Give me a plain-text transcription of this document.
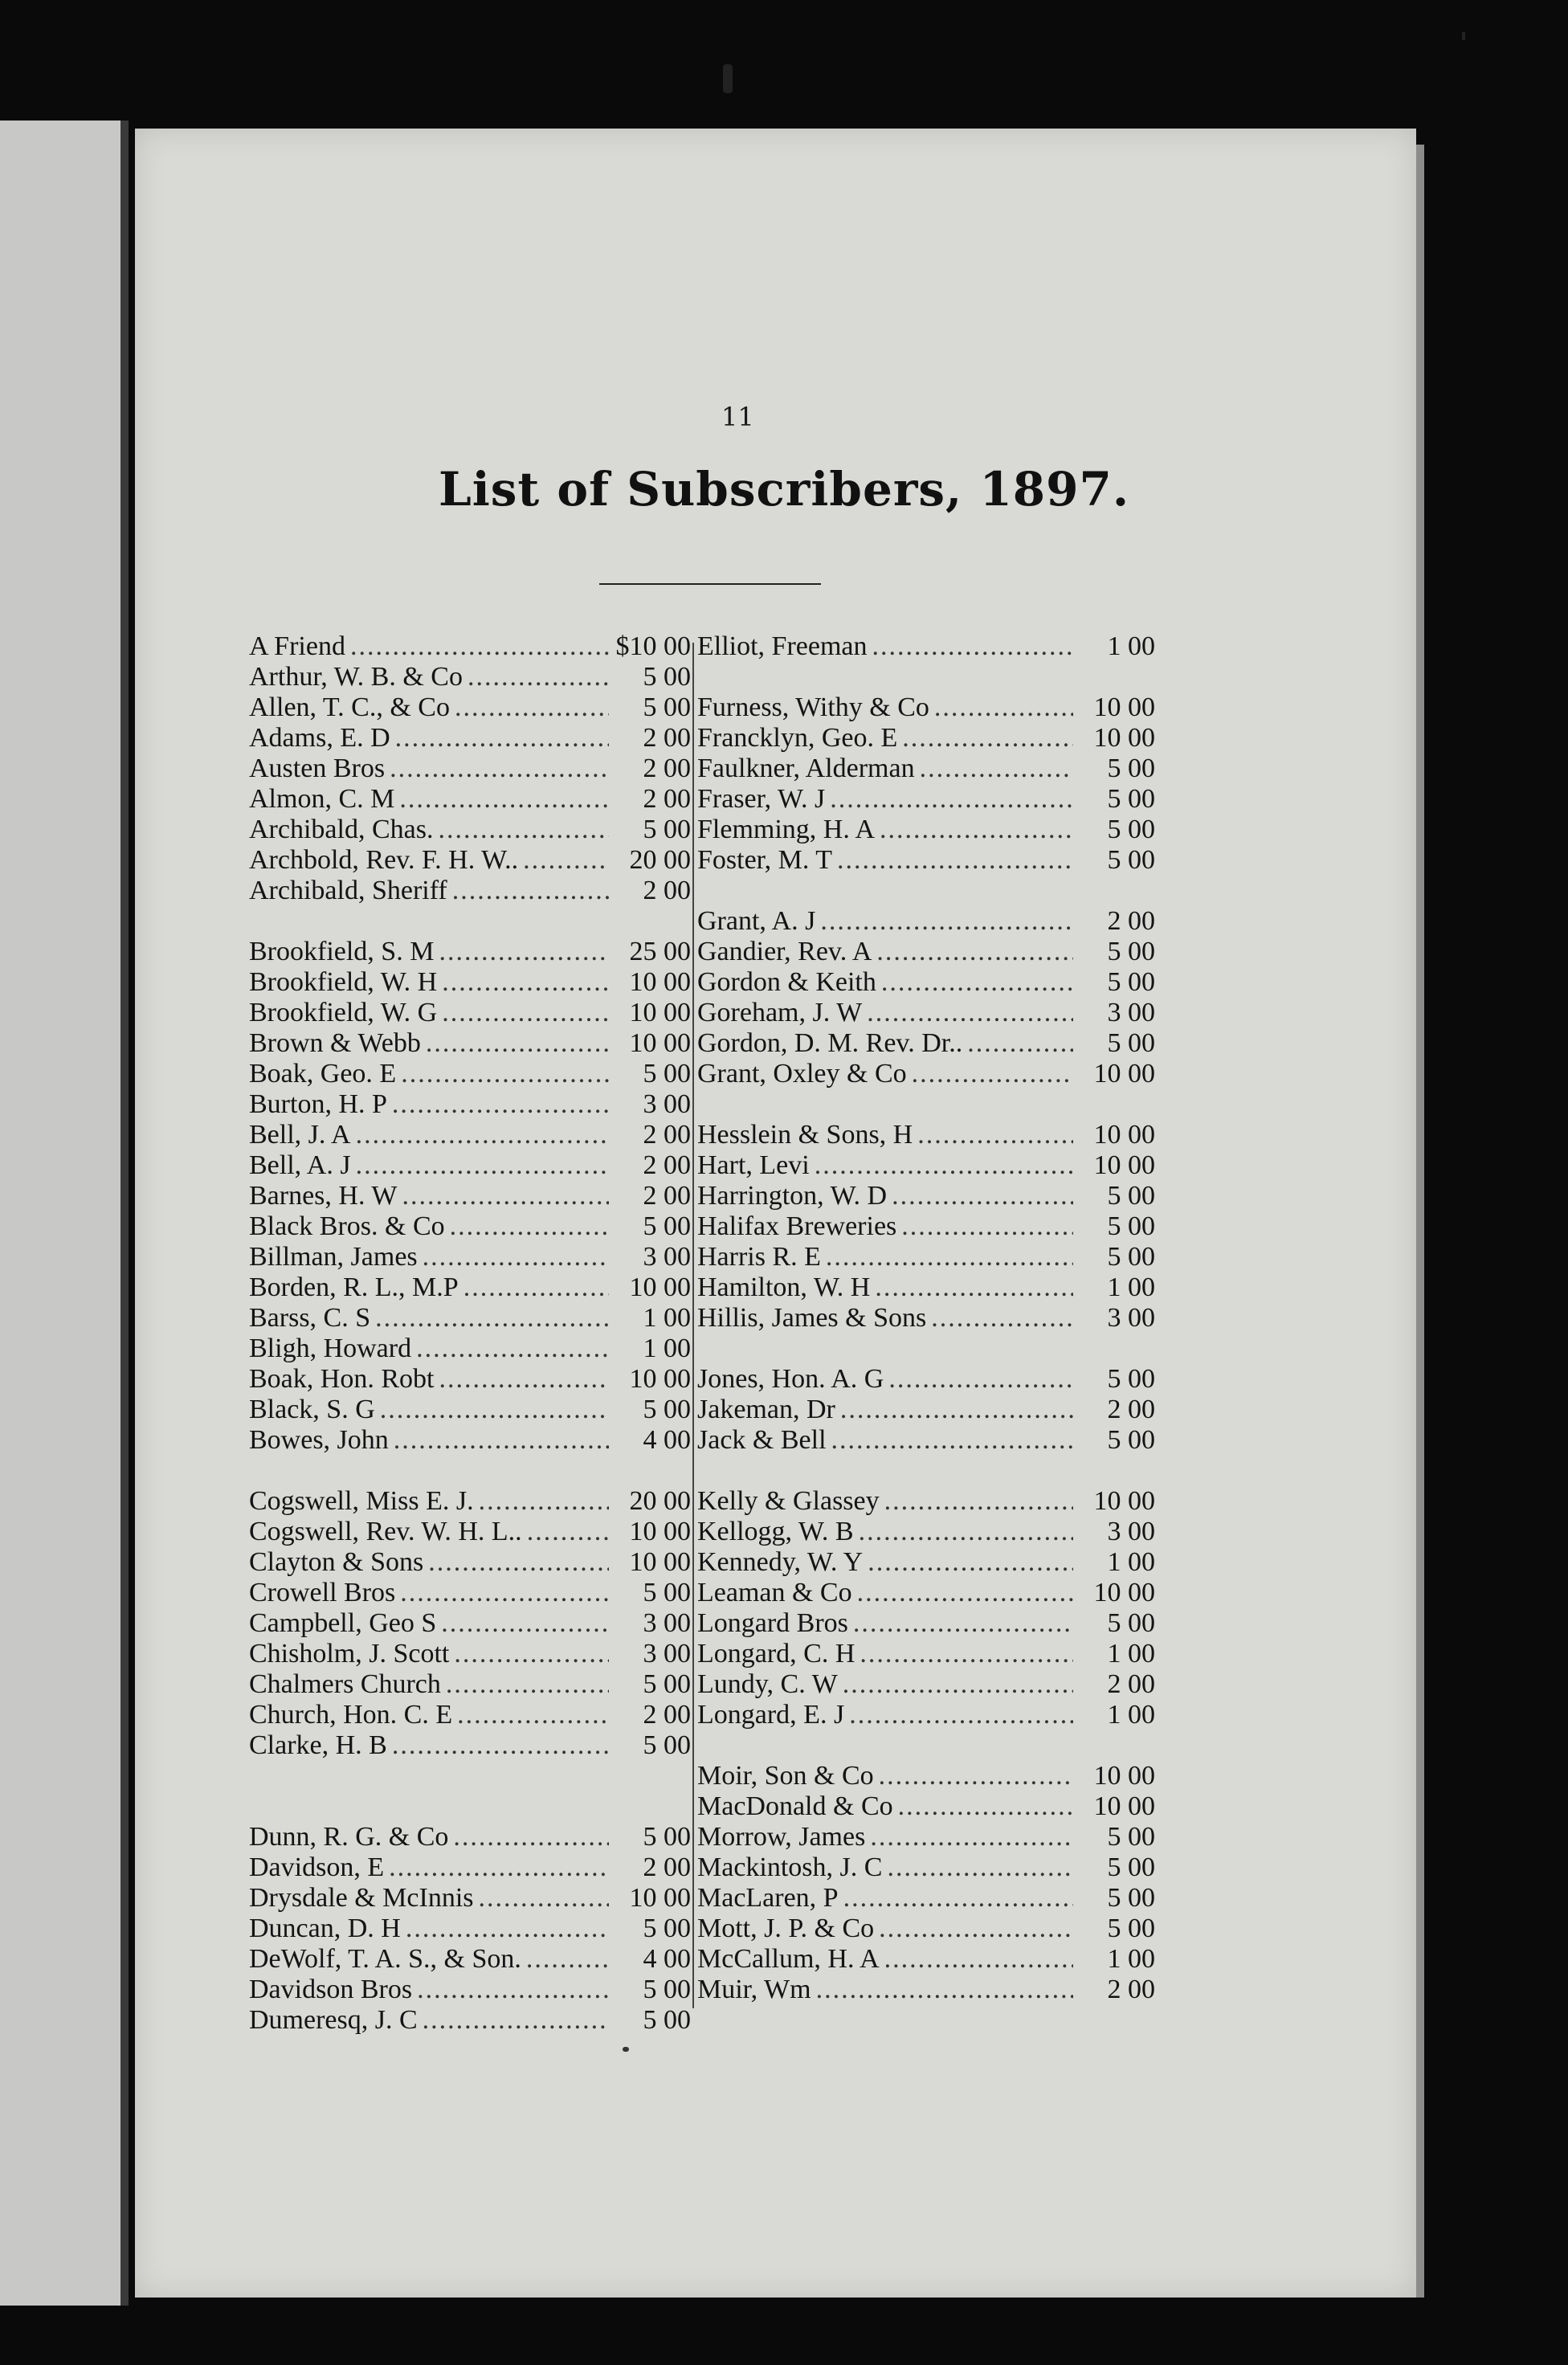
11
List of Subscribers, 1897.
A Friend .....	$10 00
Arthur, W. B. & Co .....	5 00
Allen, T. C., & Co .....	5 00
Adams, E. D .....	2 00
Austen Bros .....	2 00
Almon, C. M .....	2 00
Archibald, Chas. .....	5 00
Archbold, Rev. F. H. W.. .....	20 00
Archibald, Sheriff .....	2 00
Brookfield, S. M .....	25 00
Brookfield, W. H .....	10 00
Brookfield, W. G .....	10 00
Brown & Webb .....	10 00
Boak, Geo. E .....	5 00
Burton, H. P .....	3 00
Bell, J. A .....	2 00
Bell, A. J .....	2 00
Barnes, H. W .....	2 00
Black Bros. & Co .....	5 00
Billman, James .....	3 00
Borden, R. L., M.P .....	10 00
Barss, C. S .....	1 00
Bligh, Howard .....	1 00
Boak, Hon. Robt .....	10 00
Black, S. G .....	5 00
Bowes, John .....	4 00
Cogswell, Miss E. J. .....	20 00
Cogswell, Rev. W. H. L.. .....	10 00
Clayton & Sons .....	10 00
Crowell Bros .....	5 00
Campbell, Geo S .....	3 00
Chisholm, J. Scott .....	3 00
Chalmers Church .....	5 00
Church, Hon. C. E .....	2 00
Clarke, H. B .....	5 00
Dunn, R. G. & Co .....	5 00
Davidson, E .....	2 00
Drysdale & McInnis .....	10 00
Duncan, D. H .....	5 00
DeWolf, T. A. S., & Son. .....	4 00
Davidson Bros .....	5 00
Dumeresq, J. C .....	5 00
Elliot, Freeman .....	1 00
Furness, Withy & Co .....	10 00
Francklyn, Geo. E .....	10 00
Faulkner, Alderman .....	5 00
Fraser, W. J .....	5 00
Flemming, H. A .....	5 00
Foster, M. T .....	5 00
Grant, A. J .....	2 00
Gandier, Rev. A .....	5 00
Gordon & Keith .....	5 00
Goreham, J. W .....	3 00
Gordon, D. M. Rev. Dr.. .....	5 00
Grant, Oxley & Co .....	10 00
Hesslein & Sons, H .....	10 00
Hart, Levi .....	10 00
Harrington, W. D .....	5 00
Halifax Breweries .....	5 00
Harris R. E .....	5 00
Hamilton, W. H .....	1 00
Hillis, James & Sons .....	3 00
Jones, Hon. A. G .....	5 00
Jakeman, Dr .....	2 00
Jack & Bell .....	5 00
Kelly & Glassey .....	10 00
Kellogg, W. B .....	3 00
Kennedy, W. Y .....	1 00
Leaman & Co .....	10 00
Longard Bros .....	5 00
Longard, C. H .....	1 00
Lundy, C. W .....	2 00
Longard, E. J .....	1 00
Moir, Son & Co .....	10 00
MacDonald & Co .....	10 00
Morrow, James .....	5 00
Mackintosh, J. C .....	5 00
MacLaren, P .....	5 00
Mott, J. P. & Co .....	5 00
McCallum, H. A .....	1 00
Muir, Wm .....	2 00
